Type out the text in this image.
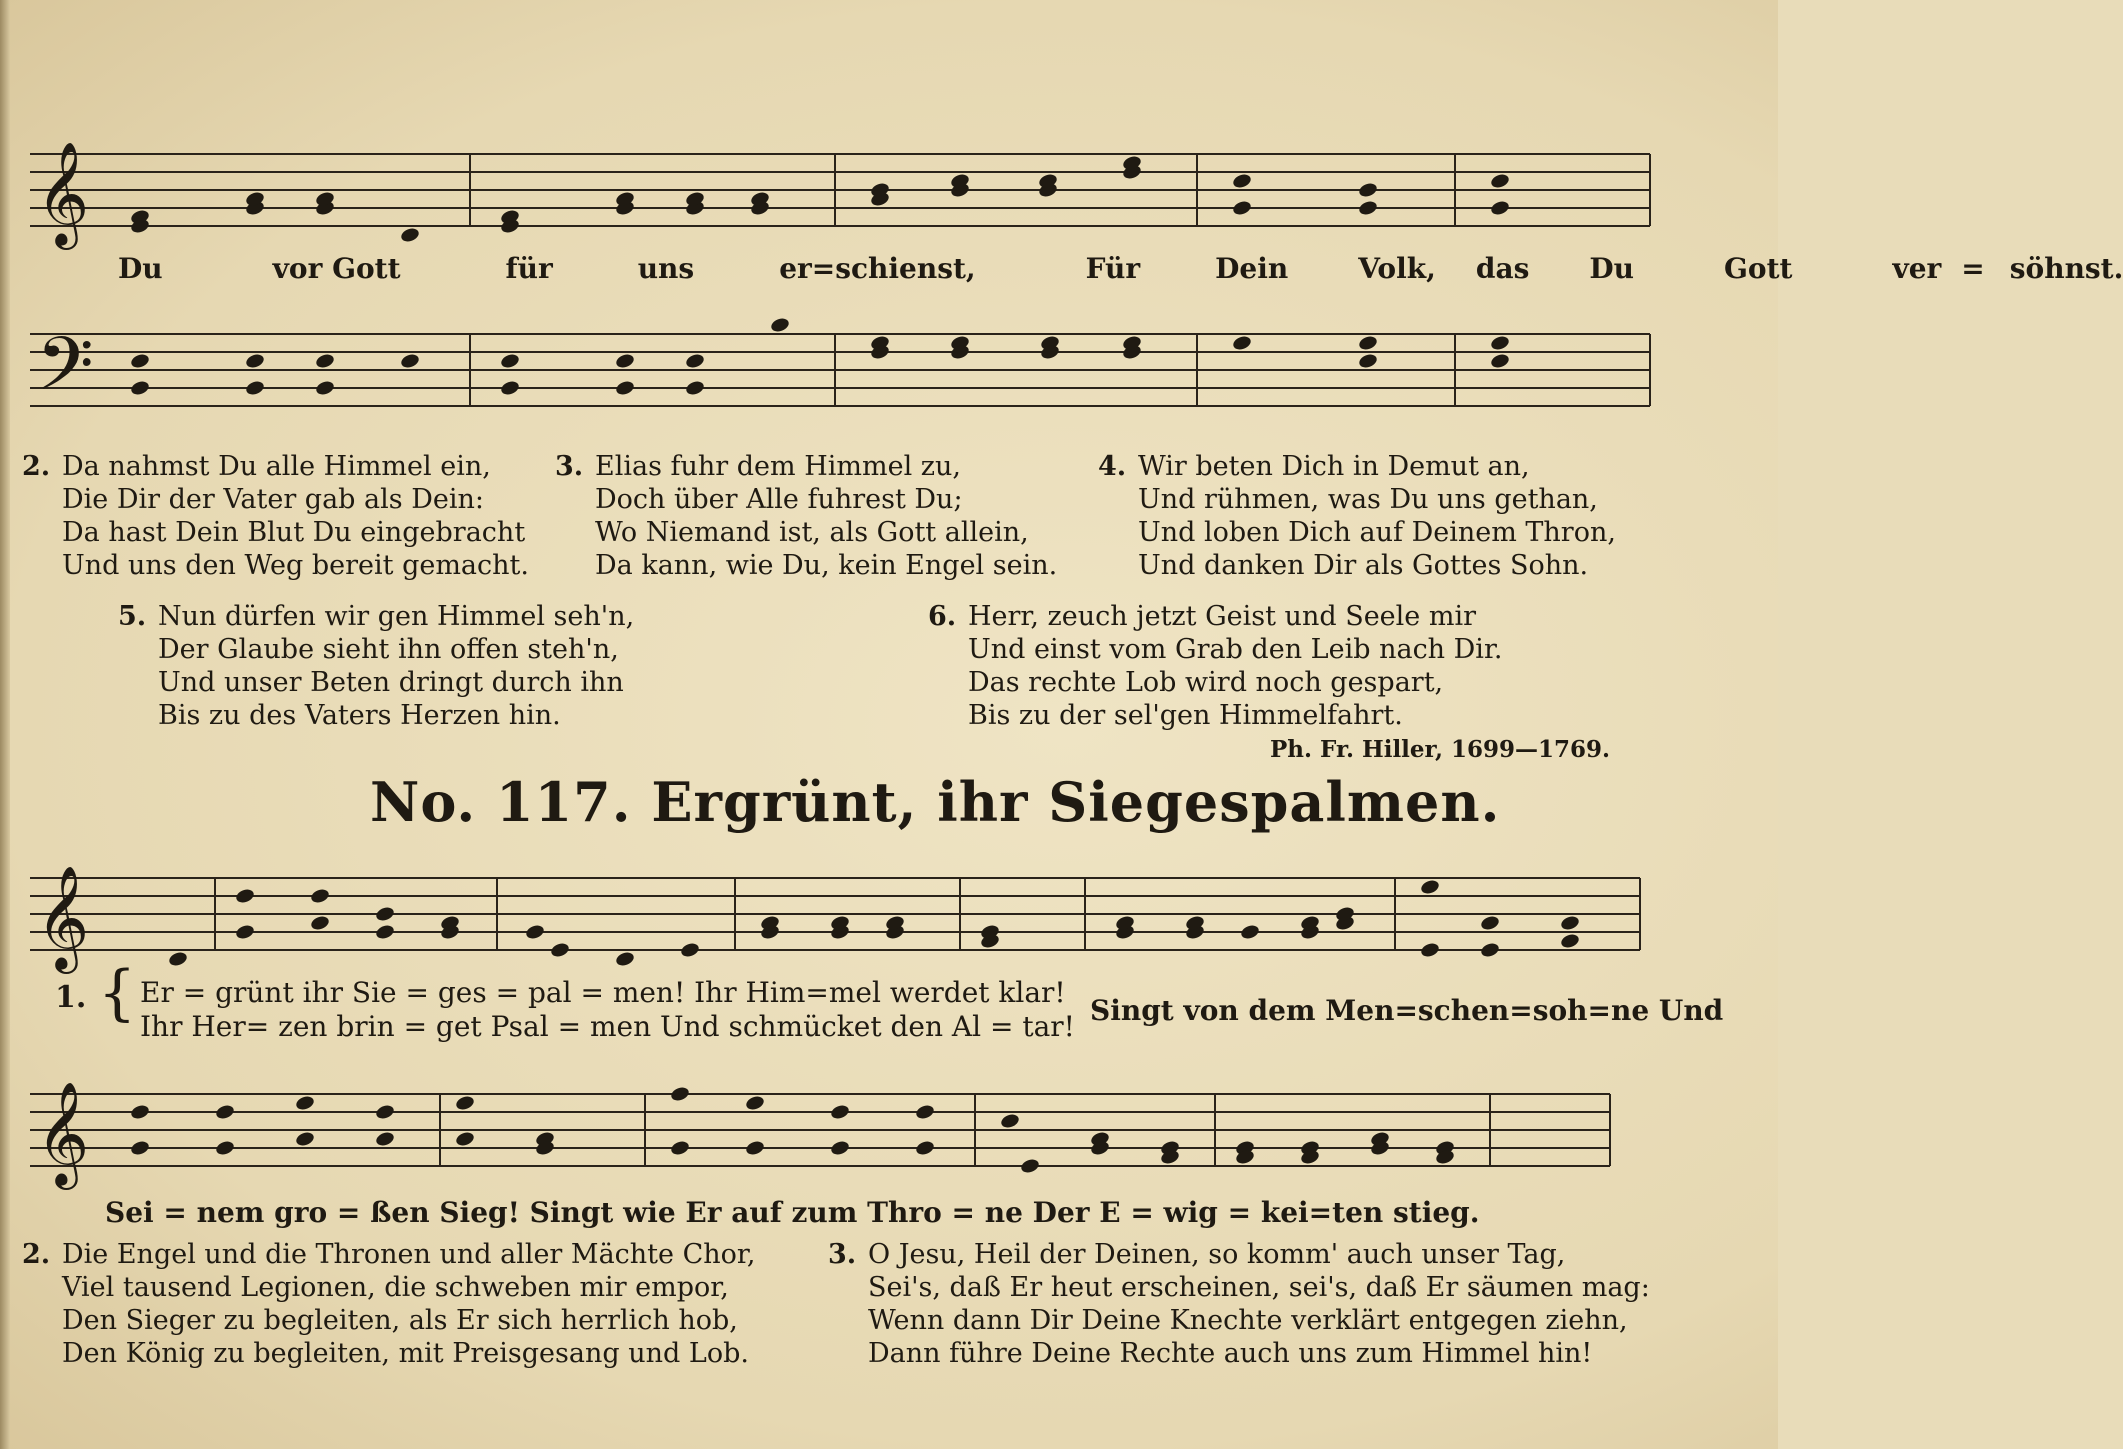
𝄞
Du	vor Gott	für	uns	er=schienst,	Für	Dein	Volk, das Du	Gott	ver = söhnst.
𝄢
2. Da nahmst Du alle Himmel ein,
Die Dir der Vater gab als Dein:
Da hast Dein Blut Du eingebracht
Und uns den Weg bereit gemacht.
3. Elias fuhr dem Himmel zu,
Doch über Alle fuhrest Du;
Wo Niemand ist, als Gott allein,
Da kann, wie Du, kein Engel sein.
4. Wir beten Dich in Demut an,
Und rühmen, was Du uns gethan,
Und loben Dich auf Deinem Thron,
Und danken Dir als Gottes Sohn.
5. Nun dürfen wir gen Himmel seh'n,
Der Glaube sieht ihn offen steh'n,
Und unser Beten dringt durch ihn
Bis zu des Vaters Herzen hin.
6. Herr, zeuch jetzt Geist und Seele mir
Und einst vom Grab den Leib nach Dir.
Das rechte Lob wird noch gespart,
Bis zu der sel'gen Himmelfahrt.
Ph. Fr. Hiller, 1699—1769.
No. 117. Ergrünt, ihr Siegespalmen.
𝄞
1. { Er = grünt ihr Sie = ges = pal = men! Ihr Him=mel werdet klar!
Ihr Her= zen brin = get Psal = men Und schmücket den Al = tar! Singt von dem Men=schen=soh=ne Und
𝄞
Sei = nem gro = ßen Sieg! Singt wie Er auf zum Thro = ne Der E = wig = kei=ten stieg.
2. Die Engel und die Thronen und aller Mächte Chor,
Viel tausend Legionen, die schweben mir empor,
Den Sieger zu begleiten, als Er sich herrlich hob,
Den König zu begleiten, mit Preisgesang und Lob.
3. O Jesu, Heil der Deinen, so komm' auch unser Tag,
Sei's, daß Er heut erscheinen, sei's, daß Er säumen mag:
Wenn dann Dir Deine Knechte verklärt entgegen ziehn,
Dann führe Deine Rechte auch uns zum Himmel hin!
